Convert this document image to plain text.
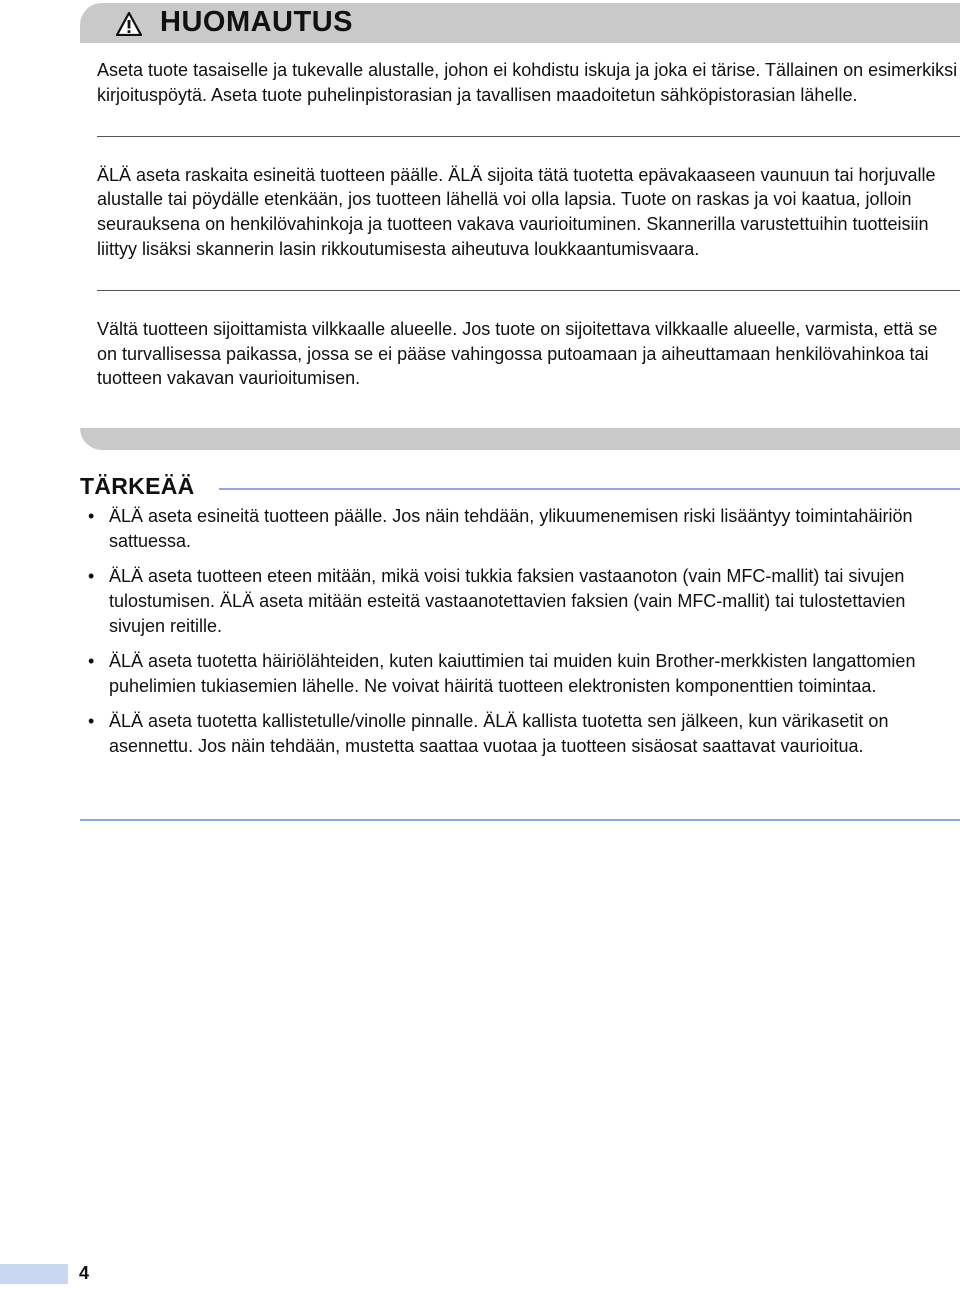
HUOMAUTUS

Aseta tuote tasaiselle ja tukevalle alustalle, johon ei kohdistu iskuja ja joka ei tärise. Tällainen on esimerkiksi kirjoituspöytä. Aseta tuote puhelinpistorasian ja tavallisen maadoitetun sähköpistorasian lähelle.

ÄLÄ aseta raskaita esineitä tuotteen päälle. ÄLÄ sijoita tätä tuotetta epävakaaseen vaunuun tai horjuvalle alustalle tai pöydälle etenkään, jos tuotteen lähellä voi olla lapsia. Tuote on raskas ja voi kaatua, jolloin seurauksena on henkilövahinkoja ja tuotteen vakava vaurioituminen. Skannerilla varustettuihin tuotteisiin liittyy lisäksi skannerin lasin rikkoutumisesta aiheutuva loukkaantumisvaara.

Vältä tuotteen sijoittamista vilkkaalle alueelle. Jos tuote on sijoitettava vilkkaalle alueelle, varmista, että se on turvallisessa paikassa, jossa se ei pääse vahingossa putoamaan ja aiheuttamaan henkilövahinkoa tai tuotteen vakavan vaurioitumisen.

TÄRKEÄÄ
• ÄLÄ aseta esineitä tuotteen päälle. Jos näin tehdään, ylikuumenemisen riski lisääntyy toimintahäiriön sattuessa.
• ÄLÄ aseta tuotteen eteen mitään, mikä voisi tukkia faksien vastaanoton (vain MFC-mallit) tai sivujen tulostumisen. ÄLÄ aseta mitään esteitä vastaanotettavien faksien (vain MFC-mallit) tai tulostettavien sivujen reitille.
• ÄLÄ aseta tuotetta häiriölähteiden, kuten kaiuttimien tai muiden kuin Brother-merkkisten langattomien puhelimien tukiasemien lähelle. Ne voivat häiritä tuotteen elektronisten komponenttien toimintaa.
• ÄLÄ aseta tuotetta kallistetulle/vinolle pinnalle. ÄLÄ kallista tuotetta sen jälkeen, kun värikasetit on asennettu. Jos näin tehdään, mustetta saattaa vuotaa ja tuotteen sisäosat saattavat vaurioitua.
4
